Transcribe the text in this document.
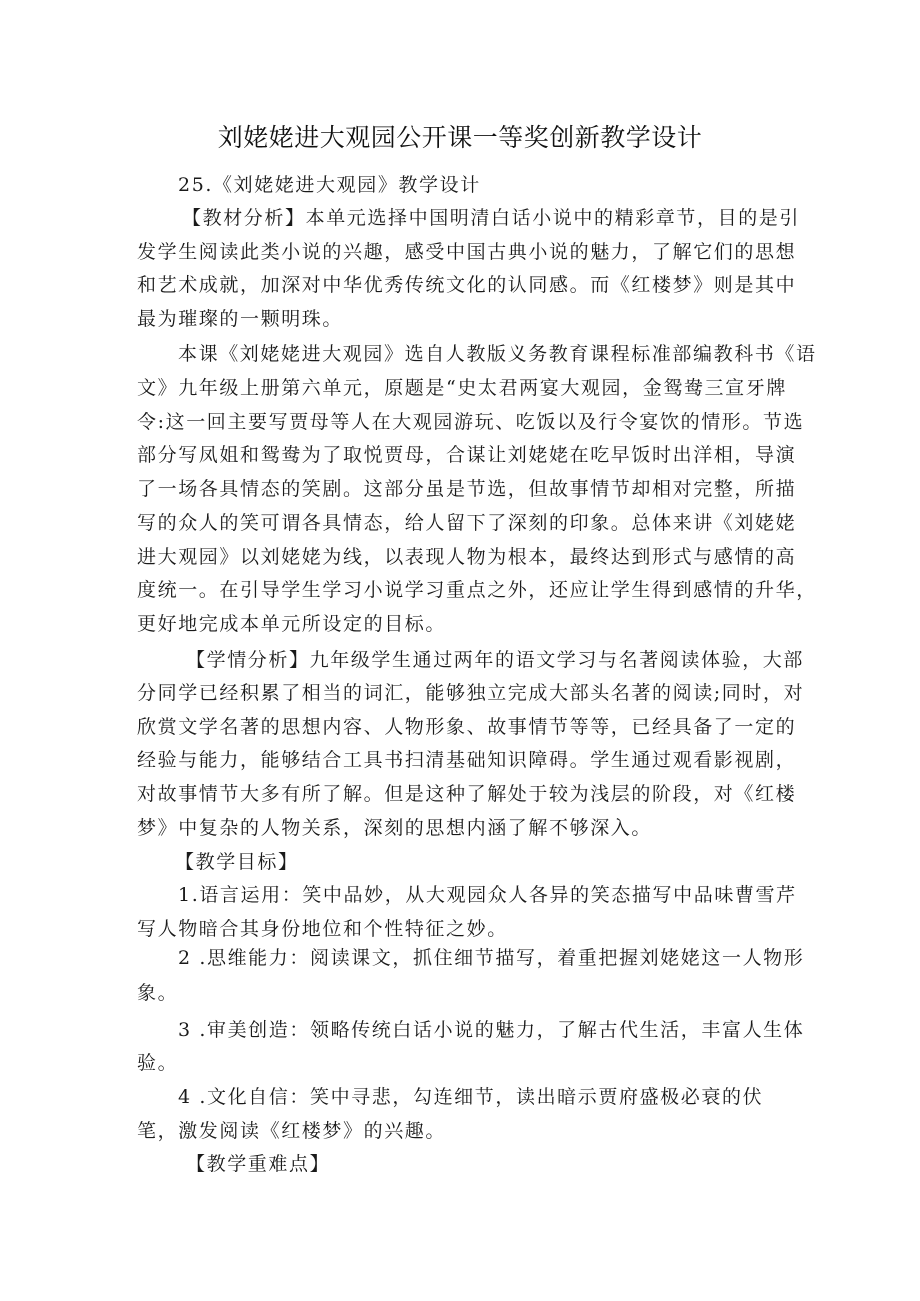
刘姥姥进大观园公开课一等奖创新教学设计
25.《刘姥姥进大观园》教学设计
【教材分析】本单元选择中国明清白话小说中的精彩章节，目的是引
发学生阅读此类小说的兴趣，感受中国古典小说的魅力，了解它们的思想
和艺术成就，加深对中华优秀传统文化的认同感。而《红楼梦》则是其中
最为璀璨的一颗明珠。
本课《刘姥姥进大观园》选自人教版义务教育课程标准部编教科书《语
文》九年级上册第六单元，原题是“史太君两宴大观园，金鸳鸯三宣牙牌
令:这一回主要写贾母等人在大观园游玩、吃饭以及行令宴饮的情形。节选
部分写凤姐和鸳鸯为了取悦贾母，合谋让刘姥姥在吃早饭时出洋相，导演
了一场各具情态的笑剧。这部分虽是节选，但故事情节却相对完整，所描
写的众人的笑可谓各具情态，给人留下了深刻的印象。总体来讲《刘姥姥
进大观园》以刘姥姥为线，以表现人物为根本，最终达到形式与感情的高
度统一。在引导学生学习小说学习重点之外，还应让学生得到感情的升华，
更好地完成本单元所设定的目标。
【学情分析】九年级学生通过两年的语文学习与名著阅读体验，大部
分同学已经积累了相当的词汇，能够独立完成大部头名著的阅读;同时，对
欣赏文学名著的思想内容、人物形象、故事情节等等，已经具备了一定的
经验与能力，能够结合工具书扫清基础知识障碍。学生通过观看影视剧，
对故事情节大多有所了解。但是这种了解处于较为浅层的阶段，对《红楼
梦》中复杂的人物关系，深刻的思想内涵了解不够深入。
【教学目标】
1.语言运用：笑中品妙，从大观园众人各异的笑态描写中品味曹雪芹
写人物暗合其身份地位和个性特征之妙。
2 .思维能力：阅读课文，抓住细节描写，着重把握刘姥姥这一人物形
象。
3 .审美创造：领略传统白话小说的魅力，了解古代生活，丰富人生体
验。
4 .文化自信：笑中寻悲，勾连细节，读出暗示贾府盛极必衰的伏
笔，激发阅读《红楼梦》的兴趣。
【教学重难点】
